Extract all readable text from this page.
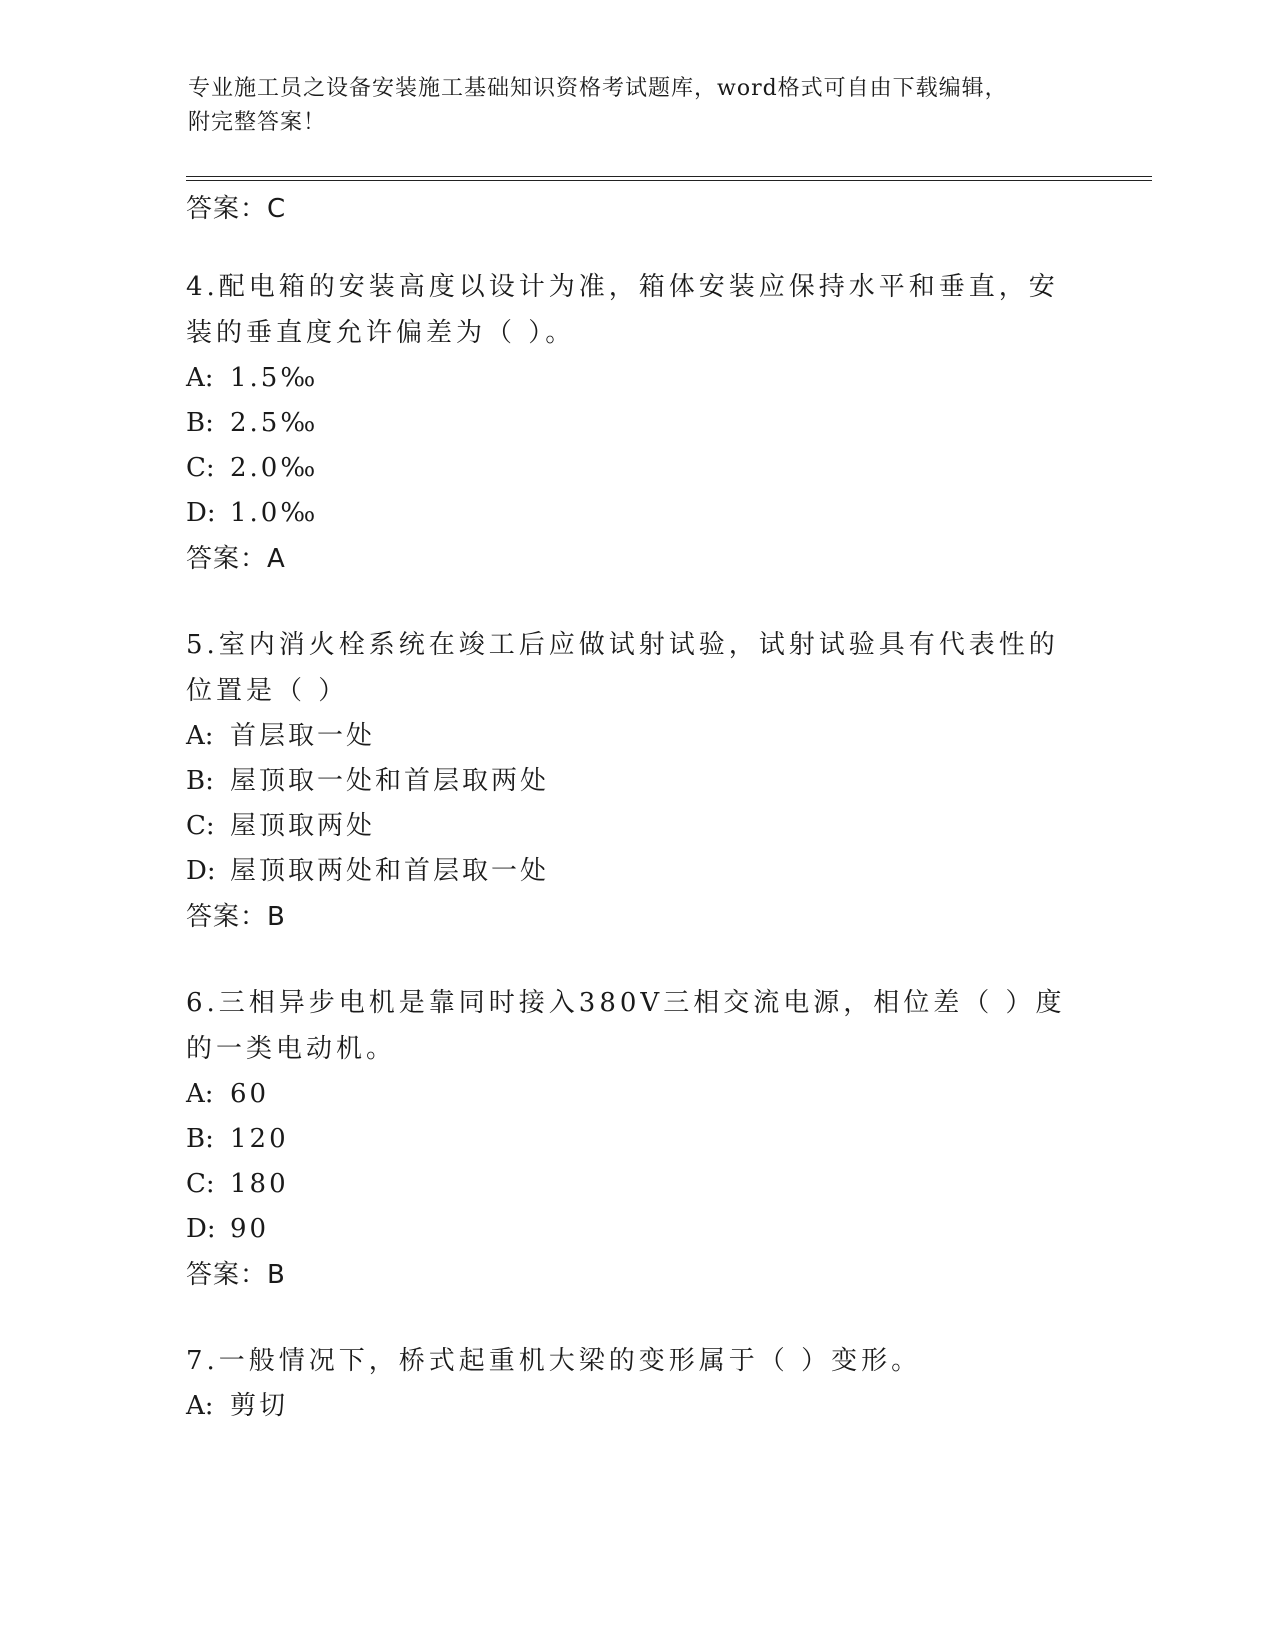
专业施工员之设备安装施工基础知识资格考试题库，word格式可自由下载编辑，
附完整答案！
答案：C
4.配电箱的安装高度以设计为准，箱体安装应保持水平和垂直，安装的垂直度允许偏差为（ ）。
A: 1.5‰
B: 2.5‰
C: 2.0‰
D: 1.0‰
答案：A
5.室内消火栓系统在竣工后应做试射试验，试射试验具有代表性的位置是（ ）
A: 首层取一处
B: 屋顶取一处和首层取两处
C: 屋顶取两处
D: 屋顶取两处和首层取一处
答案：B
6.三相异步电机是靠同时接入380V三相交流电源，相位差（ ）度的一类电动机。
A: 60
B: 120
C: 180
D: 90
答案：B
7.一般情况下，桥式起重机大梁的变形属于（ ）变形。
A: 剪切
